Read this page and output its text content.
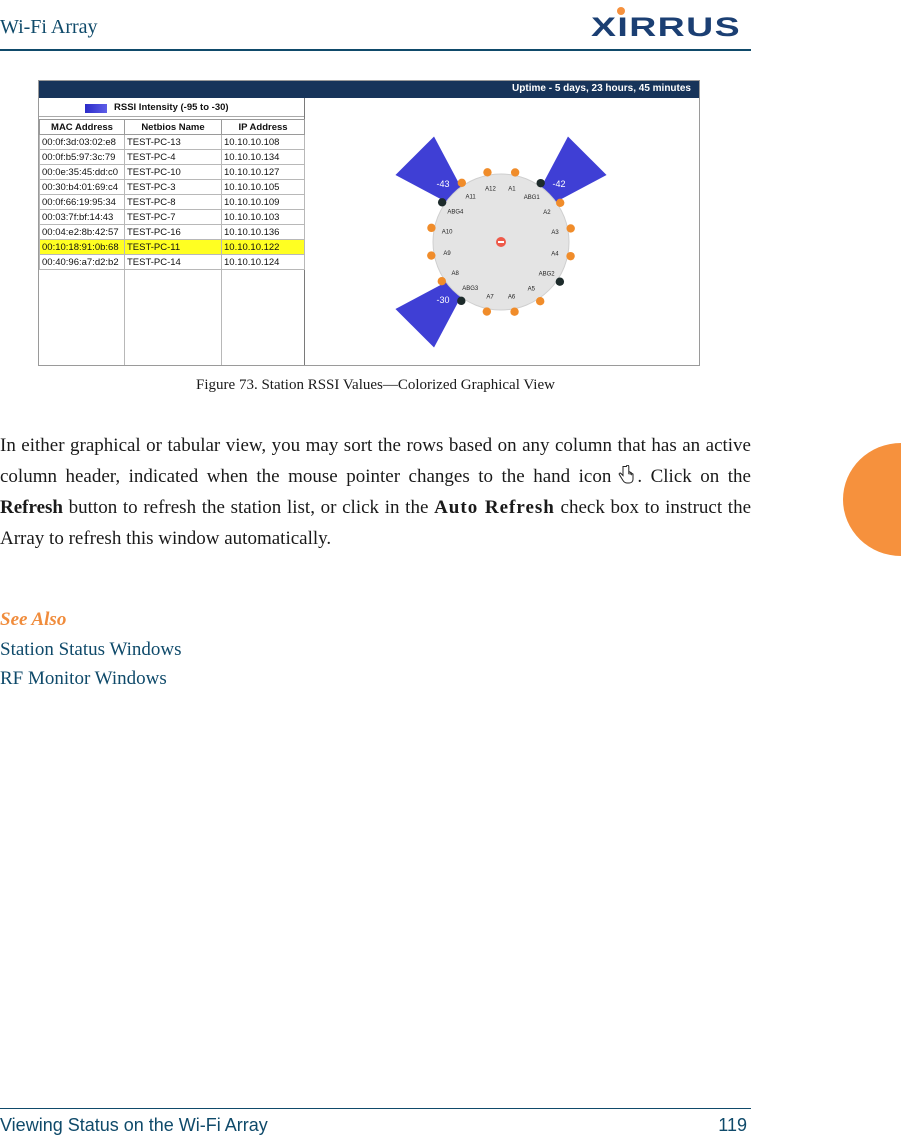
Wi-Fi Array	XIRRUS
Uptime - 5 days, 23 hours, 45 minutes
RSSI Intensity (-95 to -30)
MAC Address	Netbios Name	IP Address
00:0f:3d:03:02:e8	TEST-PC-13	10.10.10.108
00:0f:b5:97:3c:79	TEST-PC-4	10.10.10.134
00:0e:35:45:dd:c0	TEST-PC-10	10.10.10.127
00:30:b4:01:69:c4	TEST-PC-3	10.10.10.105
00:0f:66:19:95:34	TEST-PC-8	10.10.10.109
00:03:7f:bf:14:43	TEST-PC-7	10.10.10.103
00:04:e2:8b:42:57	TEST-PC-16	10.10.10.136
00:10:18:91:0b:68	TEST-PC-11	10.10.10.122
00:40:96:a7:d2:b2	TEST-PC-14	10.10.10.124

-43	-42
-30
A12 A1
ABG1
A2
A3
A4
ABG2
A5
A6
A7
ABG3
A8
A9
A10
ABG4
A11
Figure 73. Station RSSI Values—Colorized Graphical View
In either graphical or tabular view, you may sort the rows based on any column that has an active column header, indicated when the mouse pointer changes to the hand icon . Click on the Refresh button to refresh the station list, or click in the Auto Refresh check box to instruct the Array to refresh this window automatically.
See Also
Station Status Windows
RF Monitor Windows
Viewing Status on the Wi-Fi Array	119
